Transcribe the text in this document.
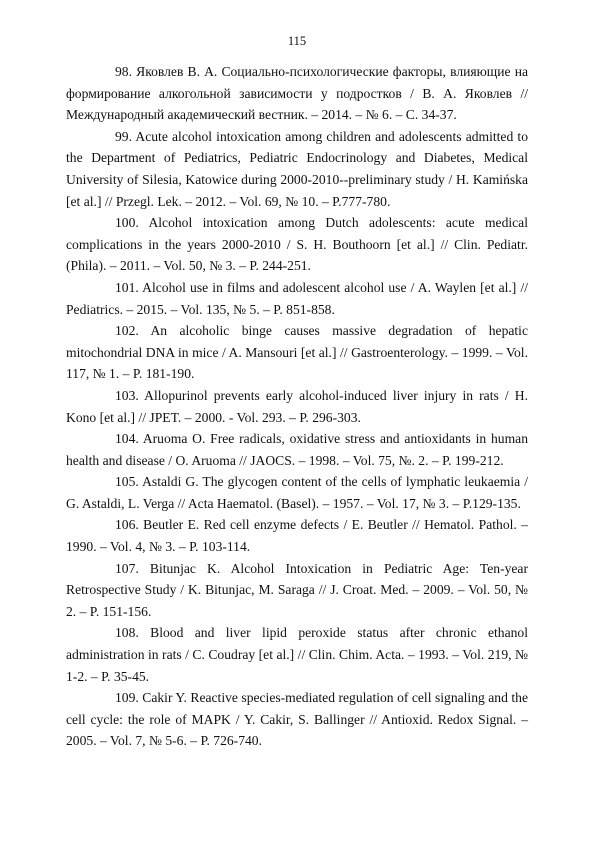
115

98. Яковлев В. А. Социально-психологические факторы, влияющие на формирование алкогольной зависимости у подростков / В. А. Яковлев // Международный академический вестник. – 2014. – № 6. – С. 34-37.

99. Acute alcohol intoxication among children and adolescents admitted to the Department of Pediatrics, Pediatric Endocrinology and Diabetes, Medical University of Silesia, Katowice during 2000-2010--preliminary study / H. Kamińska [et al.] // Przegl. Lek. – 2012. – Vol. 69, № 10. – P.777-780.

100. Alcohol intoxication among Dutch adolescents: acute medical complications in the years 2000-2010 / S. H. Bouthoorn [et al.] // Clin. Pediatr. (Phila). – 2011. – Vol. 50, № 3. – P. 244-251.

101. Alcohol use in films and adolescent alcohol use / A. Waylen [et al.] // Pediatrics. – 2015. – Vol. 135, № 5. – P. 851-858.

102. An alcoholic binge causes massive degradation of hepatic mitochondrial DNA in mice / A. Mansouri [et al.] // Gastroenterology. – 1999. – Vol. 117, № 1. – P. 181-190.

103. Allopurinol prevents early alcohol-induced liver injury in rats / H. Kono [et al.] // JPET. – 2000. - Vol. 293. – P. 296-303.

104. Aruoma O. Free radicals, oxidative stress and antioxidants in human health and disease / O. Aruoma // JAOCS. – 1998. – Vol. 75, №. 2. – P. 199-212.

105. Astaldi G. The glycogen content of the cells of lymphatic leukaemia / G. Astaldi, L. Verga // Acta Haematol. (Basel). – 1957. – Vol. 17, № 3. – P.129-135.

106. Beutler E. Red cell enzyme defects / E. Beutler // Hematol. Pathol. – 1990. – Vol. 4, № 3. – P. 103-114.

107. Bitunjac K. Alcohol Intoxication in Pediatric Age: Ten-year Retrospective Study / K. Bitunjac, M. Saraga // J. Croat. Med. – 2009. – Vol. 50, № 2. – P. 151-156.

108. Blood and liver lipid peroxide status after chronic ethanol administration in rats / C. Coudray [et al.] // Clin. Chim. Acta. – 1993. – Vol. 219, № 1-2. – P. 35-45.

109. Cakir Y. Reactive species-mediated regulation of cell signaling and the cell cycle: the role of MAPK / Y. Cakir, S. Ballinger // Antioxid. Redox Signal. – 2005. – Vol. 7, № 5-6. – P. 726-740.
